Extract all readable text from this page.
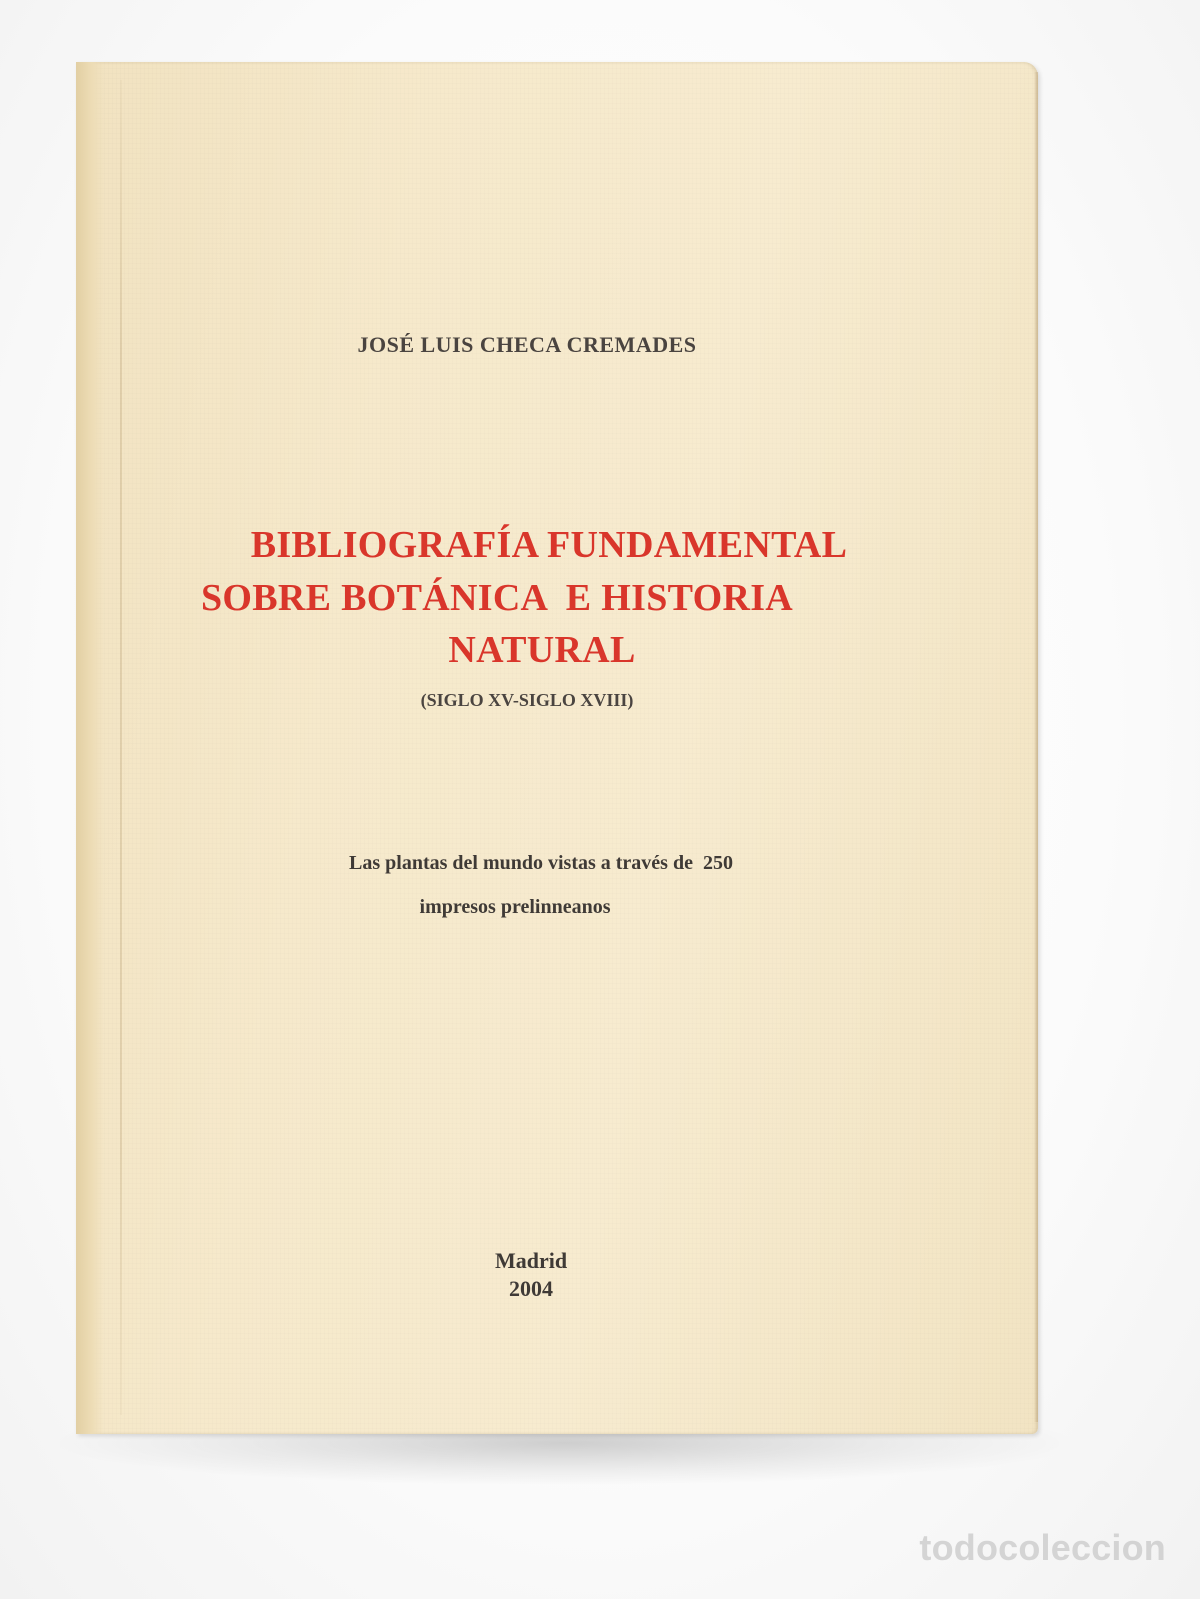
JOSÉ LUIS CHECA CREMADES
BIBLIOGRAFÍA FUNDAMENTAL
SOBRE BOTÁNICA  E HISTORIA
NATURAL
(SIGLO XV-SIGLO XVIII)
Las plantas del mundo vistas a través de  250
impresos prelinneanos
Madrid
2004
todocoleccion
